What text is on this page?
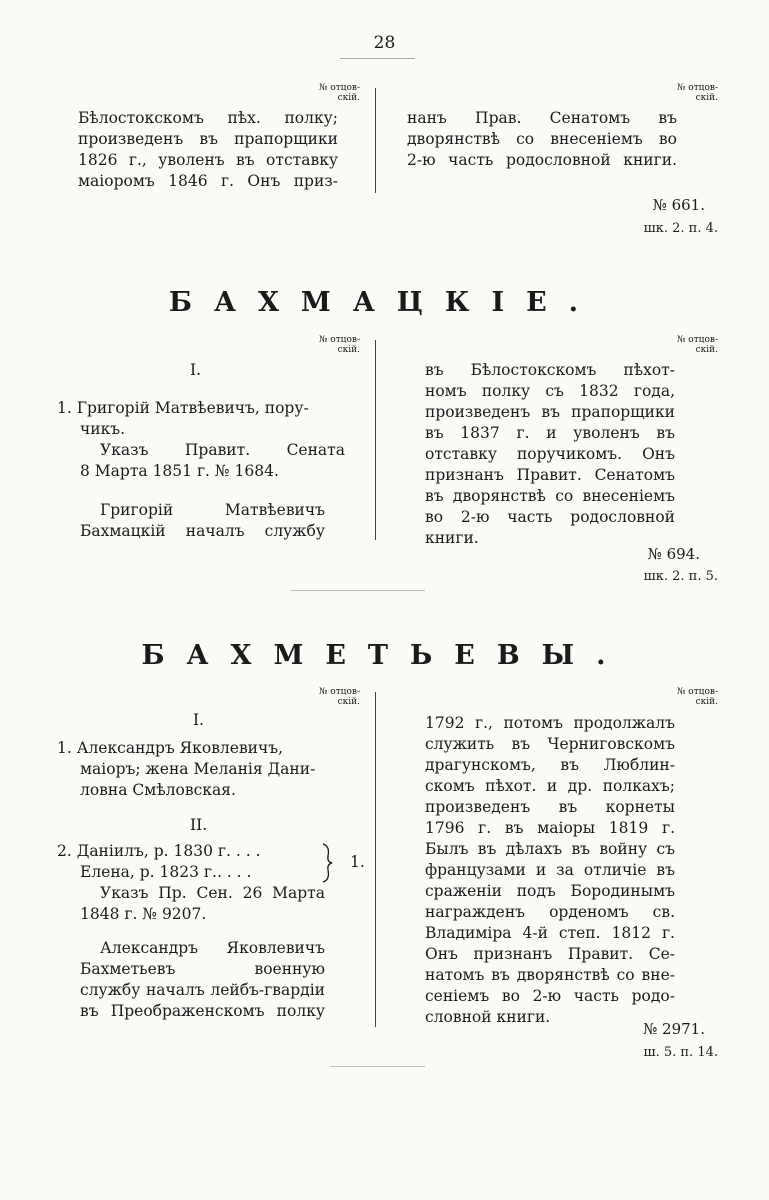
28
№ отцов-
скій.
№ отцов-
скій.
Бѣлостокскомъ пѣх. полку;
произведенъ въ прапорщики
1826 г., уволенъ въ отставку
маіоромъ 1846 г. Онъ приз-
нанъ Прав. Сенатомъ въ
дворянствѣ со внесеніемъ во
2-ю часть родословной книги.
№ 661.
шк. 2. п. 4.
БАХМАЦКІЕ.
№ отцов-
скій.
№ отцов-
скій.
I.
1. Григорій Матвѣевичъ, пору-
чикъ.
Указъ Правит. Сената
8 Марта 1851 г. № 1684.
Григорій Матвѣевичъ
Бахмацкій началъ службу
въ Бѣлостокскомъ пѣхот-
номъ полку съ 1832 года,
произведенъ въ прапорщики
въ 1837 г. и уволенъ въ
отставку поручикомъ. Онъ
признанъ Правит. Сенатомъ
въ дворянствѣ со внесеніемъ
во 2-ю часть родословной
книги.
№ 694.
шк. 2. п. 5.
БАХМЕТЬЕВЫ.
№ отцов-
скій.
№ отцов-
скій.
I.
1. Александръ Яковлевичъ,
маіоръ; жена Меланія Дани-
ловна Смѣловская.
II.
2. Даніилъ, р. 1830 г. . . .
Елена, р. 1823 г.. . . .
1.
Указъ Пр. Сен. 26 Марта
1848 г. № 9207.
Александръ Яковлевичъ
Бахметьевъ военную
службу началъ лейбъ-гвардіи
въ Преображенскомъ полку
1792 г., потомъ продолжалъ
служить въ Черниговскомъ
драгунскомъ, въ Люблин-
скомъ пѣхот. и др. полкахъ;
произведенъ въ корнеты
1796 г. въ маіоры 1819 г.
Былъ въ дѣлахъ въ войну съ
французами и за отличіе въ
сраженіи подъ Бородинымъ
награжденъ орденомъ св.
Владиміра 4-й степ. 1812 г.
Онъ признанъ Правит. Се-
натомъ въ дворянствѣ со вне-
сеніемъ во 2-ю часть родо-
словной книги.
№ 2971.
ш. 5. п. 14.
